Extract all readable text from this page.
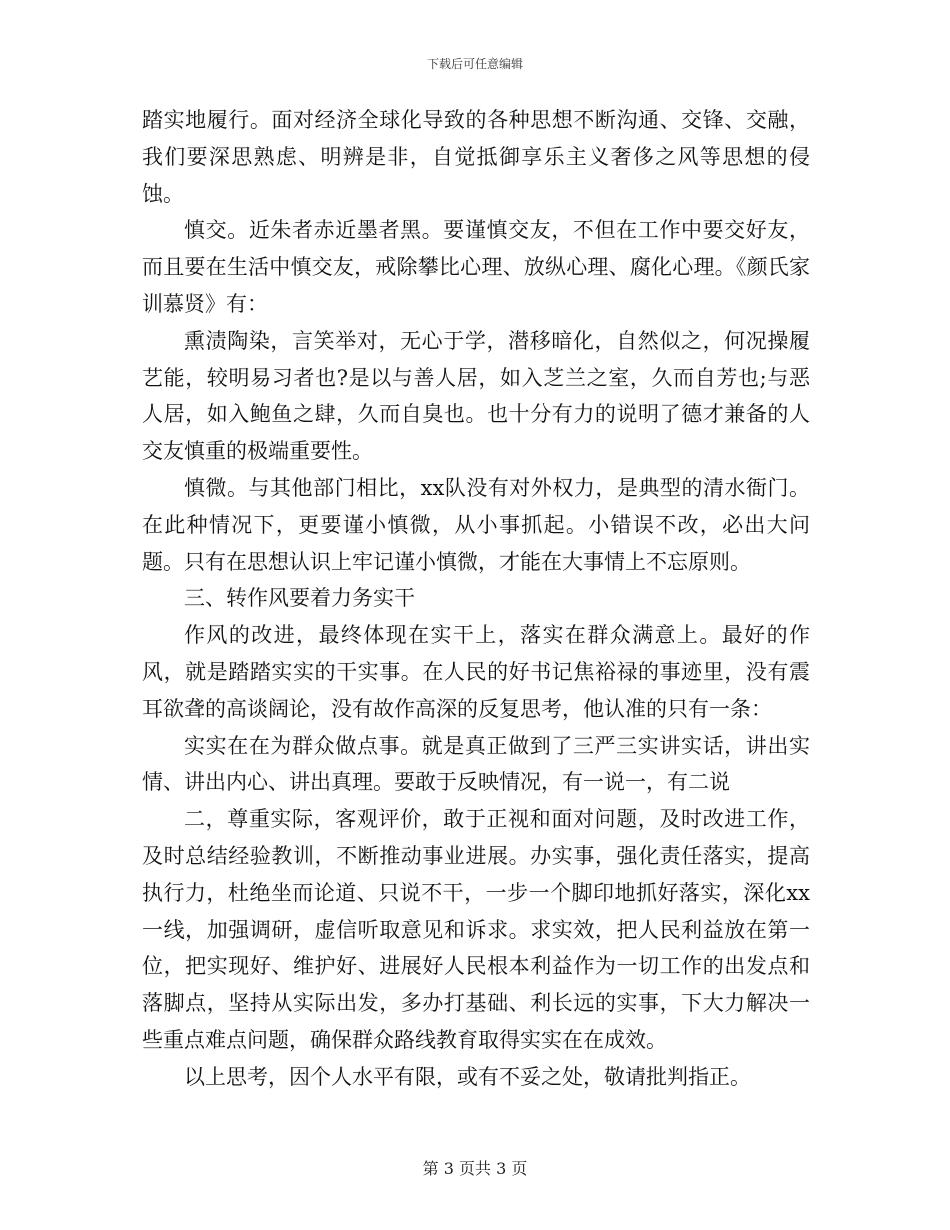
下载后可任意编辑

踏实地履行。面对经济全球化导致的各种思想不断沟通、交锋、交融，我们要深思熟虑、明辨是非，自觉抵御享乐主义奢侈之风等思想的侵蚀。

慎交。近朱者赤近墨者黑。要谨慎交友，不但在工作中要交好友，而且要在生活中慎交友，戒除攀比心理、放纵心理、腐化心理。《颜氏家训慕贤》有：

熏渍陶染，言笑举对，无心于学，潜移暗化，自然似之，何况操履艺能，较明易习者也?是以与善人居，如入芝兰之室，久而自芳也;与恶人居，如入鲍鱼之肆，久而自臭也。也十分有力的说明了德才兼备的人交友慎重的极端重要性。

慎微。与其他部门相比，xx队没有对外权力，是典型的清水衙门。在此种情况下，更要谨小慎微，从小事抓起。小错误不改，必出大问题。只有在思想认识上牢记谨小慎微，才能在大事情上不忘原则。

三、转作风要着力务实干

作风的改进，最终体现在实干上，落实在群众满意上。最好的作风，就是踏踏实实的干实事。在人民的好书记焦裕禄的事迹里，没有震耳欲聋的高谈阔论，没有故作高深的反复思考，他认准的只有一条：

实实在在为群众做点事。就是真正做到了三严三实讲实话，讲出实情、讲出内心、讲出真理。要敢于反映情况，有一说一，有二说

二，尊重实际，客观评价，敢于正视和面对问题，及时改进工作，及时总结经验教训，不断推动事业进展。办实事，强化责任落实，提高执行力，杜绝坐而论道、只说不干，一步一个脚印地抓好落实，深化xx一线，加强调研，虚信听取意见和诉求。求实效，把人民利益放在第一位，把实现好、维护好、进展好人民根本利益作为一切工作的出发点和落脚点，坚持从实际出发，多办打基础、利长远的实事，下大力解决一些重点难点问题，确保群众路线教育取得实实在在成效。

以上思考，因个人水平有限，或有不妥之处，敬请批判指正。

第 3 页共 3 页
